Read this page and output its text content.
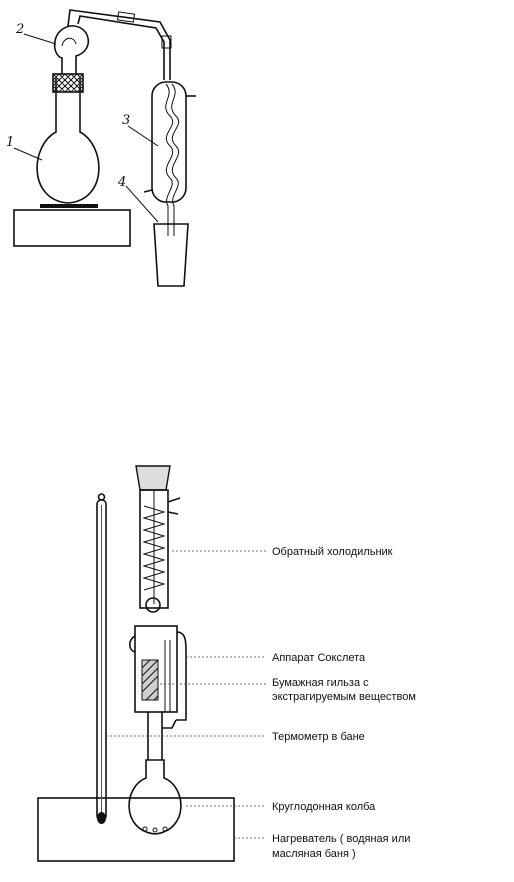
1
2
3
4
Обратный холодильник
Аппарат Сокслета
Бумажная гильза с
экстрагируемым веществом
Термометр в бане
Круглодонная колба
Нагреватель ( водяная или
масляная баня )
